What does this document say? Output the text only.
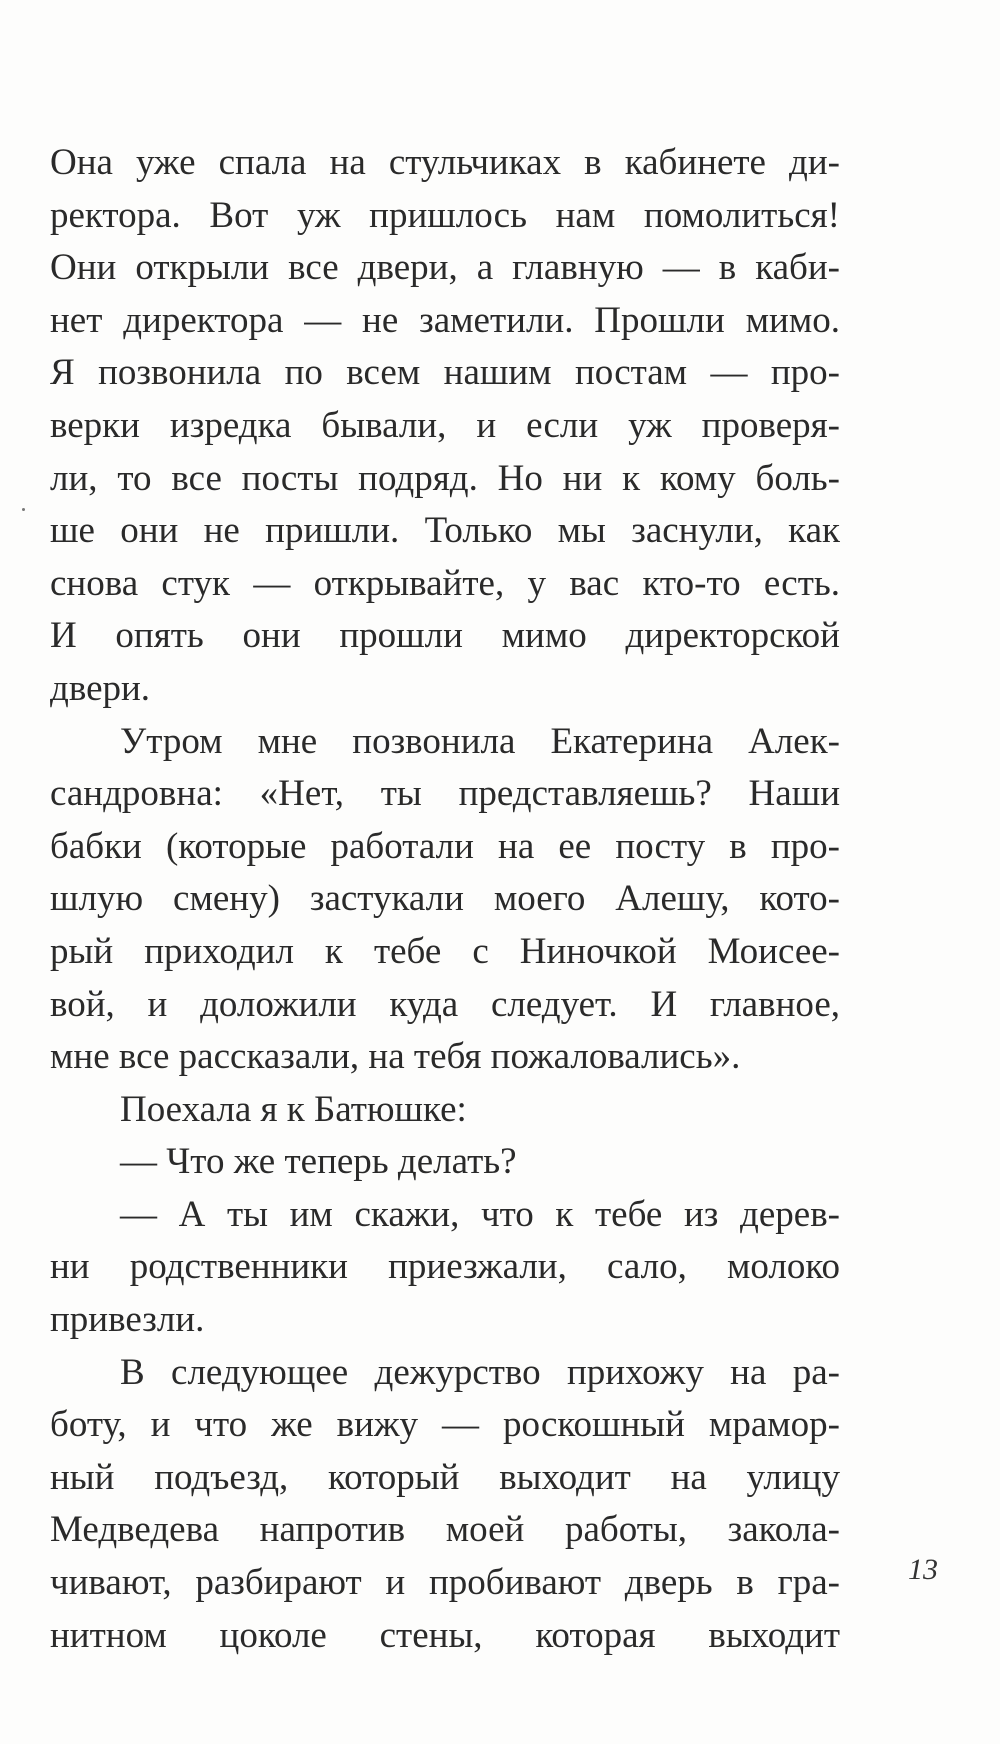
Она уже спала на стульчиках в кабинете ди-
ректора. Вот уж пришлось нам помолиться!
Они открыли все двери, а главную — в каби-
нет директора — не заметили. Прошли мимо.
Я позвонила по всем нашим постам — про-
верки изредка бывали, и если уж проверя-
ли, то все посты подряд. Но ни к кому боль-
ше они не пришли. Только мы заснули, как
снова стук — открывайте, у вас кто-то есть.
И опять они прошли мимо директорской
двери.
Утром мне позвонила Екатерина Алек-
сандровна: «Нет, ты представляешь? Наши
бабки (которые работали на ее посту в про-
шлую смену) застукали моего Алешу, кото-
рый приходил к тебе с Ниночкой Моисее-
вой, и доложили куда следует. И главное,
мне все рассказали, на тебя пожаловались».
Поехала я к Батюшке:
— Что же теперь делать?
— А ты им скажи, что к тебе из дерев-
ни родственники приезжали, сало, молоко
привезли.
В следующее дежурство прихожу на ра-
боту, и что же вижу — роскошный мрамор-
ный подъезд, который выходит на улицу
Медведева напротив моей работы, закола-
чивают, разбирают и пробивают дверь в гра-
нитном цоколе стены, которая выходит
13
